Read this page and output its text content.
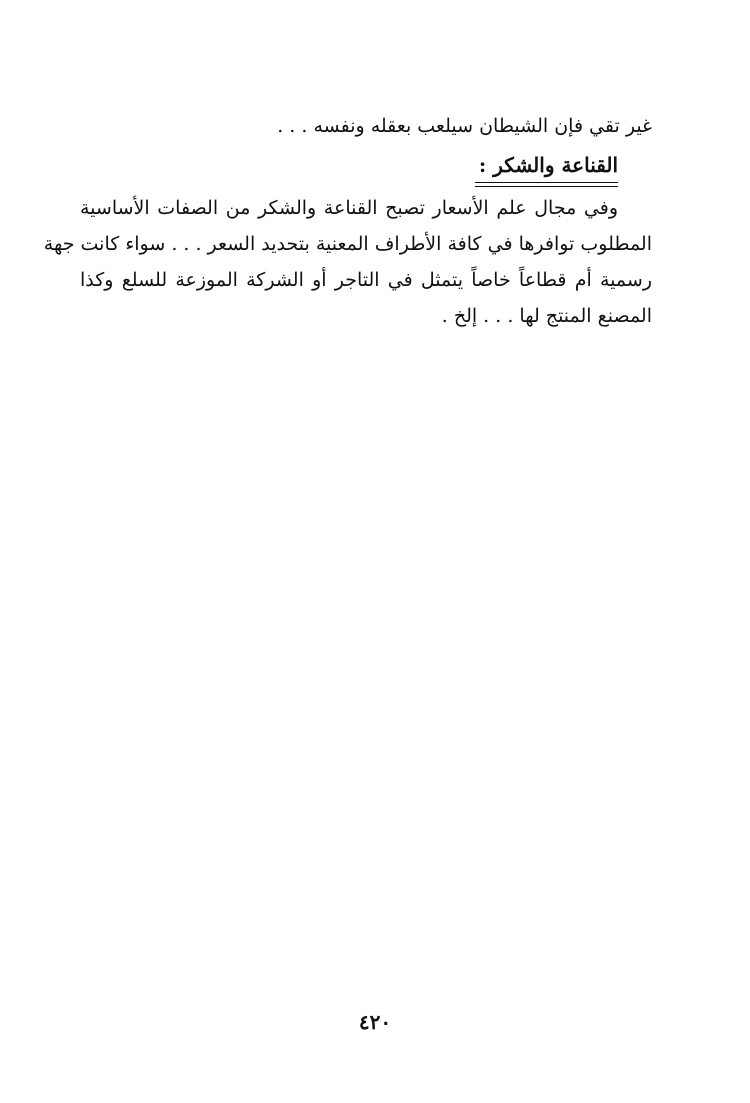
غير تقي فإن الشيطان سيلعب بعقله ونفسه . . .

القناعة والشكر :
وفي مجال علم الأسعار تصبح القناعة والشكر من الصفات الأساسية
المطلوب توافرها في كافة الأطراف المعنية بتحديد السعر . . . سواء كانت جهة
رسمية أم قطاعاً خاصاً يتمثل في التاجر أو الشركة الموزعة للسلع وكذا
المصنع المنتج لها . . . إلخ .
٤٢٠
